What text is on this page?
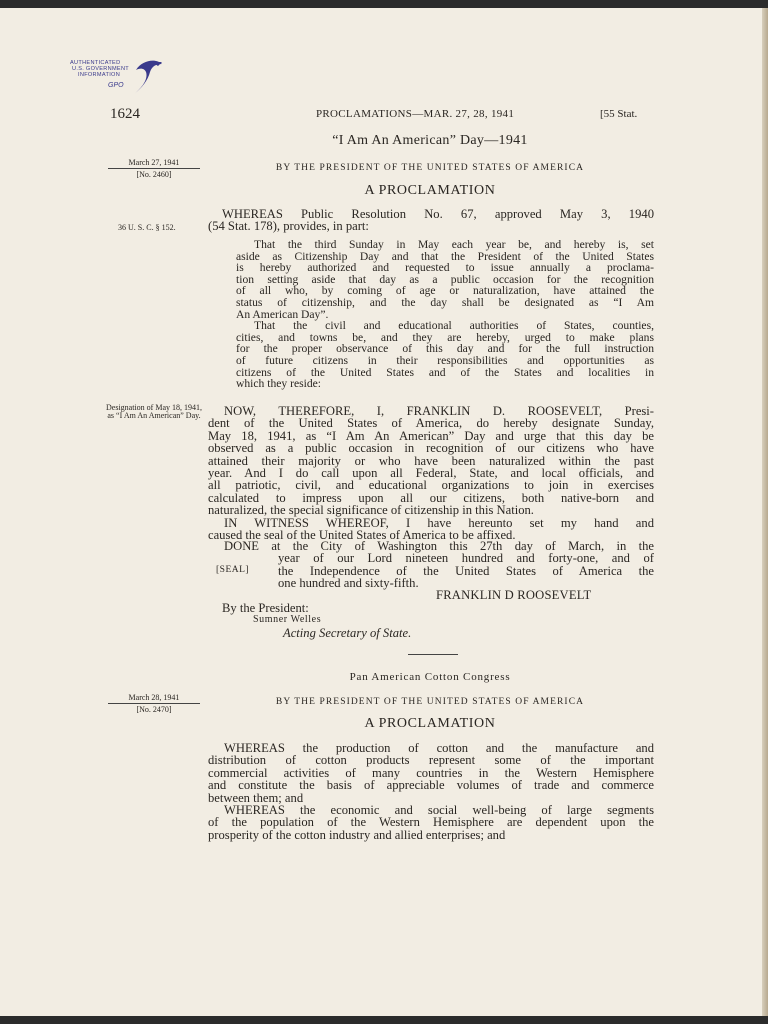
AUTHENTICATED
U.S. GOVERNMENT
INFORMATION
GPO
1624	PROCLAMATIONS—MAR. 27, 28, 1941	[55 Stat.
“I Am An American” Day—1941
March 27, 1941
[No. 2460]
BY THE PRESIDENT OF THE UNITED STATES OF AMERICA
A PROCLAMATION
36 U. S. C. § 152.

WHEREAS Public Resolution No. 67, approved May 3, 1940

(54 Stat. 178), provides, in part:

That the third Sunday in May each year be, and hereby is, set

aside as Citizenship Day and that the President of the United States

is hereby authorized and requested to issue annually a proclama-

tion setting aside that day as a public occasion for the recognition

of all who, by coming of age or naturalization, have attained the

status of citizenship, and the day shall be designated as “I Am

An American Day”.

That the civil and educational authorities of States, counties,

cities, and towns be, and they are hereby, urged to make plans

for the proper observance of this day and for the full instruction

of future citizens in their responsibilities and opportunities as

citizens of the United States and of the States and localities in

which they reside:

Designation of May 18, 1941, as “I Am An American” Day.	NOW, THEREFORE, I, FRANKLIN D. ROOSEVELT, Presi-

dent of the United States of America, do hereby designate Sunday,

May 18, 1941, as “I Am An American” Day and urge that this day be

observed as a public occasion in recognition of our citizens who have

attained their majority or who have been naturalized within the past

year. And I do call upon all Federal, State, and local officials, and

all patriotic, civil, and educational organizations to join in exercises

calculated to impress upon all our citizens, both native-born and

naturalized, the special significance of citizenship in this Nation.

IN WITNESS WHEREOF, I have hereunto set my hand and

caused the seal of the United States of America to be affixed.

DONE at the City of Washington this 27th day of March, in the

year of our Lord nineteen hundred and forty-one, and of

the Independence of the United States of America the

one hundred and sixty-fifth.

[SEAL]
FRANKLIN D ROOSEVELT
By the President:
Sumner Welles
Acting Secretary of State.
Pan American Cotton Congress
March 28, 1941
[No. 2470]
BY THE PRESIDENT OF THE UNITED STATES OF AMERICA
A PROCLAMATION

WHEREAS the production of cotton and the manufacture and

distribution of cotton products represent some of the important

commercial activities of many countries in the Western Hemisphere

and constitute the basis of appreciable volumes of trade and commerce

between them; and

WHEREAS the economic and social well-being of large segments

of the population of the Western Hemisphere are dependent upon the

prosperity of the cotton industry and allied enterprises; and
